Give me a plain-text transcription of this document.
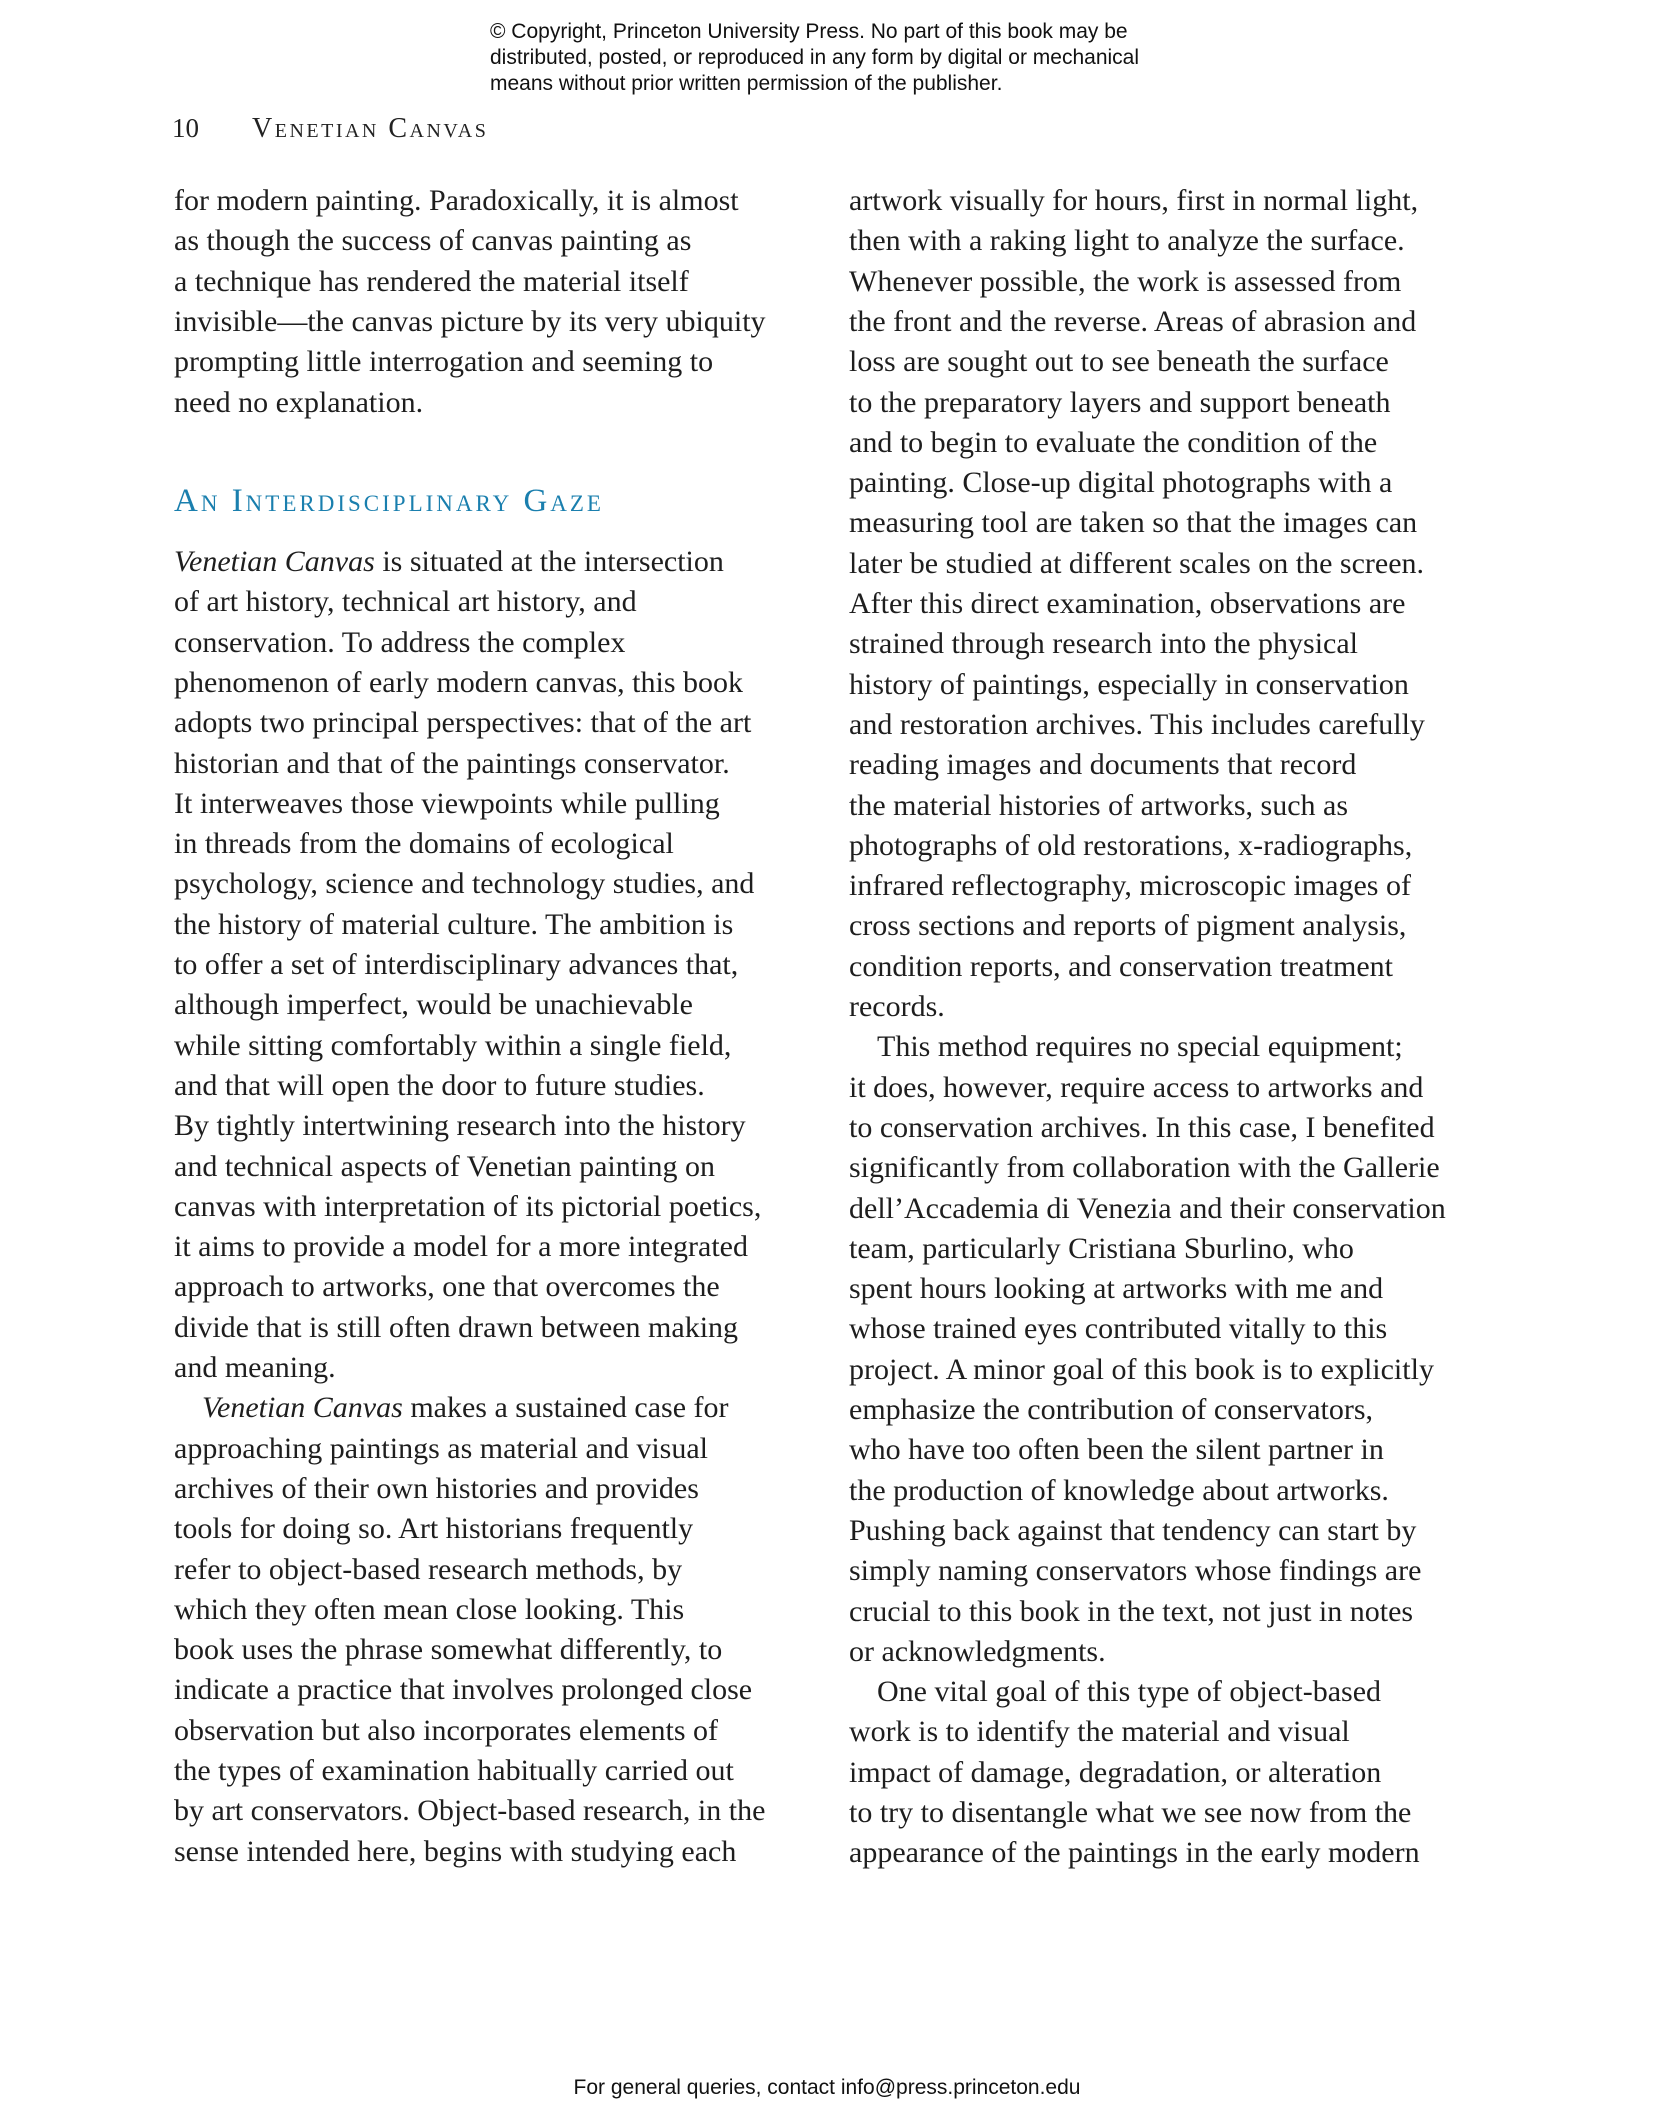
© Copyright, Princeton University Press. No part of this book may be
distributed, posted, or reproduced in any form by digital or mechanical
means without prior written permission of the publisher.
10 Venetian Canvas
for modern painting. Paradoxically, it is almost
as though the success of canvas painting as
a technique has rendered the material itself
invisible—the canvas picture by its very ubiquity
prompting little interrogation and seeming to
need no explanation.
Venetian Canvas is situated at the intersection
of art history, technical art history, and
conservation. To address the complex
phenomenon of early modern canvas, this book
adopts two principal perspectives: that of the art
historian and that of the paintings conservator.
It interweaves those viewpoints while pulling
in threads from the domains of ecological
psychology, science and technology studies, and
the history of material culture. The ambition is
to offer a set of interdisciplinary advances that,
although imperfect, would be unachievable
while sitting comfortably within a single field,
and that will open the door to future studies.
By tightly intertwining research into the history
and technical aspects of Venetian painting on
canvas with interpretation of its pictorial poetics,
it aims to provide a model for a more integrated
approach to artworks, one that overcomes the
divide that is still often drawn between making
and meaning.
Venetian Canvas makes a sustained case for
approaching paintings as material and visual
archives of their own histories and provides
tools for doing so. Art historians frequently
refer to object-based research methods, by
which they often mean close looking. This
book uses the phrase somewhat differently, to
indicate a practice that involves prolonged close
observation but also incorporates elements of
the types of examination habitually carried out
by art conservators. Object-based research, in the
sense intended here, begins with studying each
An Interdisciplinary Gaze
artwork visually for hours, first in normal light,
then with a raking light to analyze the surface.
Whenever possible, the work is assessed from
the front and the reverse. Areas of abrasion and
loss are sought out to see beneath the surface
to the preparatory layers and support beneath
and to begin to evaluate the condition of the
painting. Close-up digital photographs with a
measuring tool are taken so that the images can
later be studied at different scales on the screen.
After this direct examination, observations are
strained through research into the physical
history of paintings, especially in conservation
and restoration archives. This includes carefully
reading images and documents that record
the material histories of artworks, such as
photographs of old restorations, x-radiographs,
infrared reflectography, microscopic images of
cross sections and reports of pigment analysis,
condition reports, and conservation treatment
records.
This method requires no special equipment;
it does, however, require access to artworks and
to conservation archives. In this case, I benefited
significantly from collaboration with the Gallerie
dell’Accademia di Venezia and their conservation
team, particularly Cristiana Sburlino, who
spent hours looking at artworks with me and
whose trained eyes contributed vitally to this
project. A minor goal of this book is to explicitly
emphasize the contribution of conservators,
who have too often been the silent partner in
the production of knowledge about artworks.
Pushing back against that tendency can start by
simply naming conservators whose findings are
crucial to this book in the text, not just in notes
or acknowledgments.
One vital goal of this type of object-based
work is to identify the material and visual
impact of damage, degradation, or alteration
to try to disentangle what we see now from the
appearance of the paintings in the early modern
For general queries, contact info@press.princeton.edu
